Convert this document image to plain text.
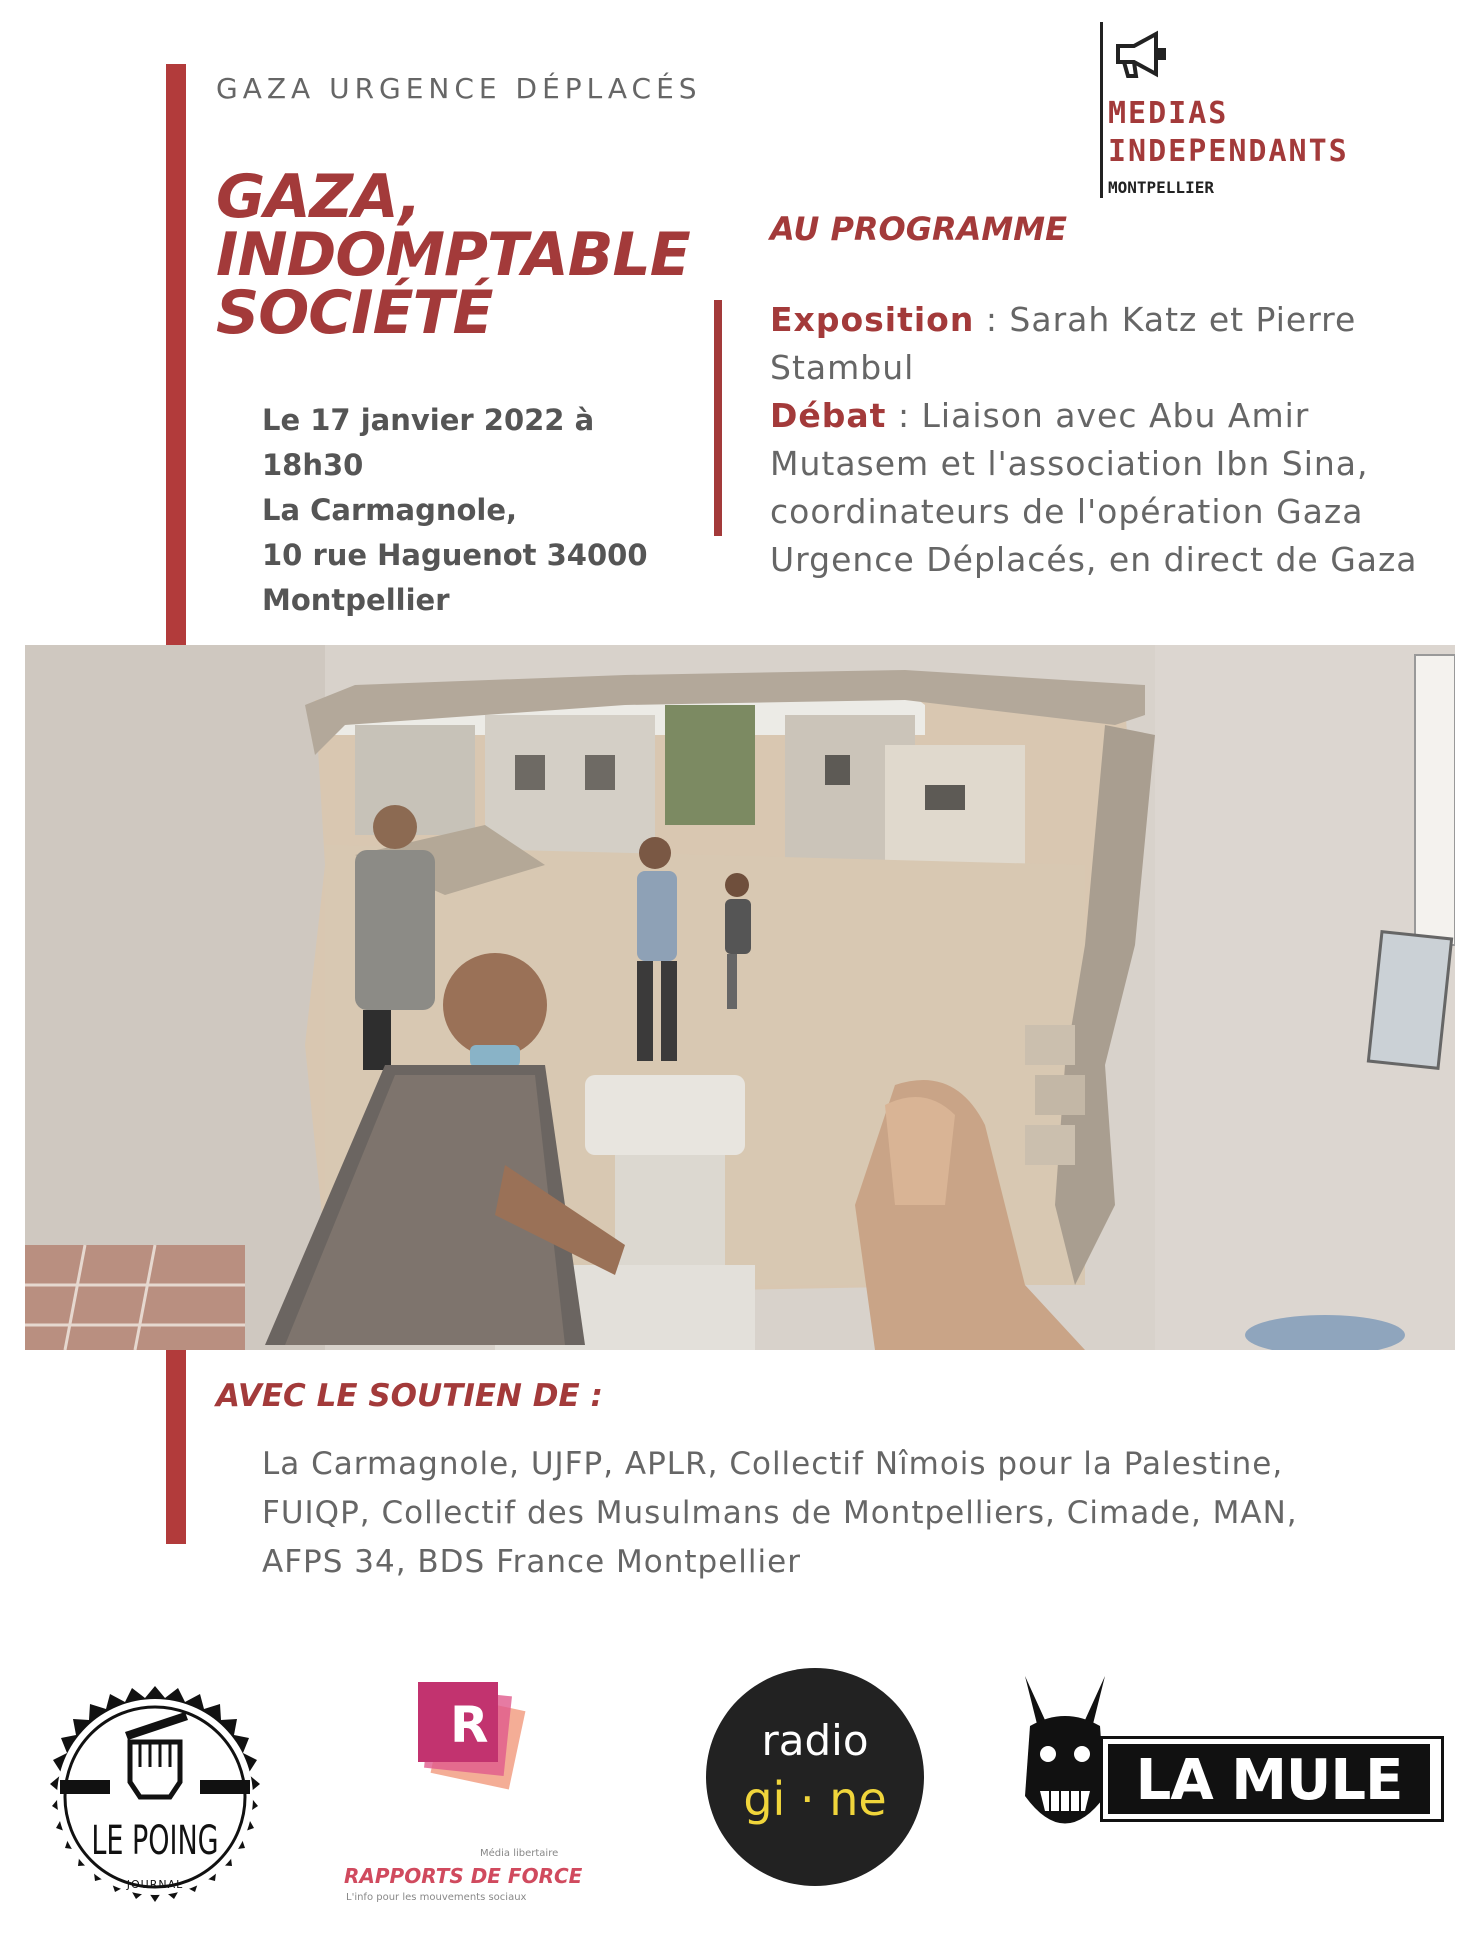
GAZA URGENCE DÉPLACÉS
GAZA,
INDOMPTABLE
SOCIÉTÉ
Le 17 janvier 2022 à
18h30
La Carmagnole,
10 rue Haguenot 34000
Montpellier
MEDIAS
INDEPENDANTS
MONTPELLIER
AU PROGRAMME
Exposition : Sarah Katz et Pierre Stambul
Débat : Liaison avec Abu Amir Mutasem et l'association Ibn Sina, coordinateurs de l'opération Gaza Urgence Déplacés, en direct de Gaza
AVEC LE SOUTIEN DE :
La Carmagnole, UJFP, APLR, Collectif Nîmois pour la Palestine,
FUIQP, Collectif des Musulmans de Montpelliers, Cimade, MAN,
AFPS 34, BDS France Montpellier
LE POING
JOURNAL
R
Média libertaire
RAPPORTS DE FORCE
L'info pour les mouvements sociaux
radio
gi · ne	LA MULE
